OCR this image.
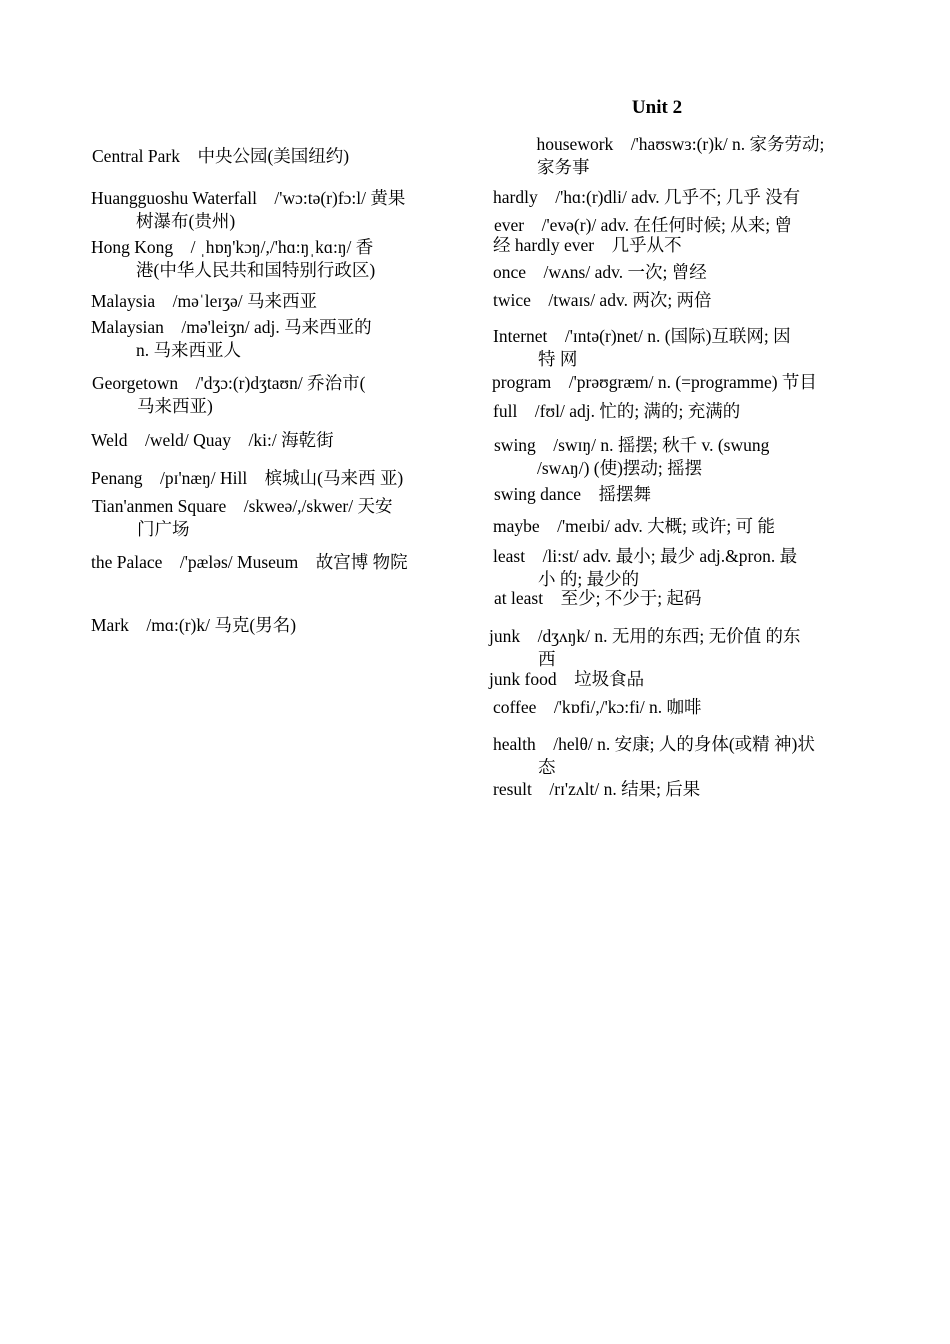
Unit 2
Central Park　中央公园(美国纽约)
Huangguoshu Waterfall　/'wɔ:tə(r)fɔ:l/ 黄果
树瀑布(贵州)
Hong Kong　/ ˌhɒŋ'kɔŋ/,/'hɑ:ŋˌkɑ:ŋ/ 香
港(中华人民共和国特别行政区)
Malaysia　/məˈleɪʒə/ 马来西亚
Malaysian　/mə'leiʒn/ adj. 马来西亚的
n. 马来西亚人
Georgetown　/'dʒɔ:(r)dʒtaʊn/ 乔治市(
马来西亚)
Weld　/weld/ Quay　/ki:/ 海乾街
Penang　/pɪ'næŋ/ Hill　槟城山(马来西 亚)
Tian'anmen Square　/skweə/,/skwer/ 天安
门广场
the Palace　/'pæləs/ Museum　故宫博 物院
Mark　/mɑ:(r)k/ 马克(男名)
　housework　/'haʊswɜ:(r)k/ n. 家务劳动;
家务事
hardly　/'hɑ:(r)dli/ adv. 几乎不; 几乎 没有
ever　/'evə(r)/ adv. 在任何时候; 从来; 曾
经 hardly ever　几乎从不
once　/wʌns/ adv. 一次; 曾经
twice　/twaɪs/ adv. 两次; 两倍
Internet　/'ɪntə(r)net/ n. (国际)互联网; 因
特 网
program　/'prəʊgræm/ n. (=programme) 节目
full　/fʊl/ adj. 忙的; 满的; 充满的
swing　/swɪŋ/ n. 摇摆; 秋千 v. (swung
/swʌŋ/) (使)摆动; 摇摆
swing dance　摇摆舞
maybe　/'meɪbi/ adv. 大概; 或许; 可 能
least　/li:st/ adv. 最小; 最少 adj.&pron. 最
小 的; 最少的
at least　至少; 不少于; 起码
junk　/dʒʌŋk/ n. 无用的东西; 无价值 的东
西
junk food　垃圾食品
coffee　/'kɒfi/,/'kɔ:fi/ n. 咖啡
health　/helθ/ n. 安康; 人的身体(或精 神)状
态
result　/rɪ'zʌlt/ n. 结果; 后果
